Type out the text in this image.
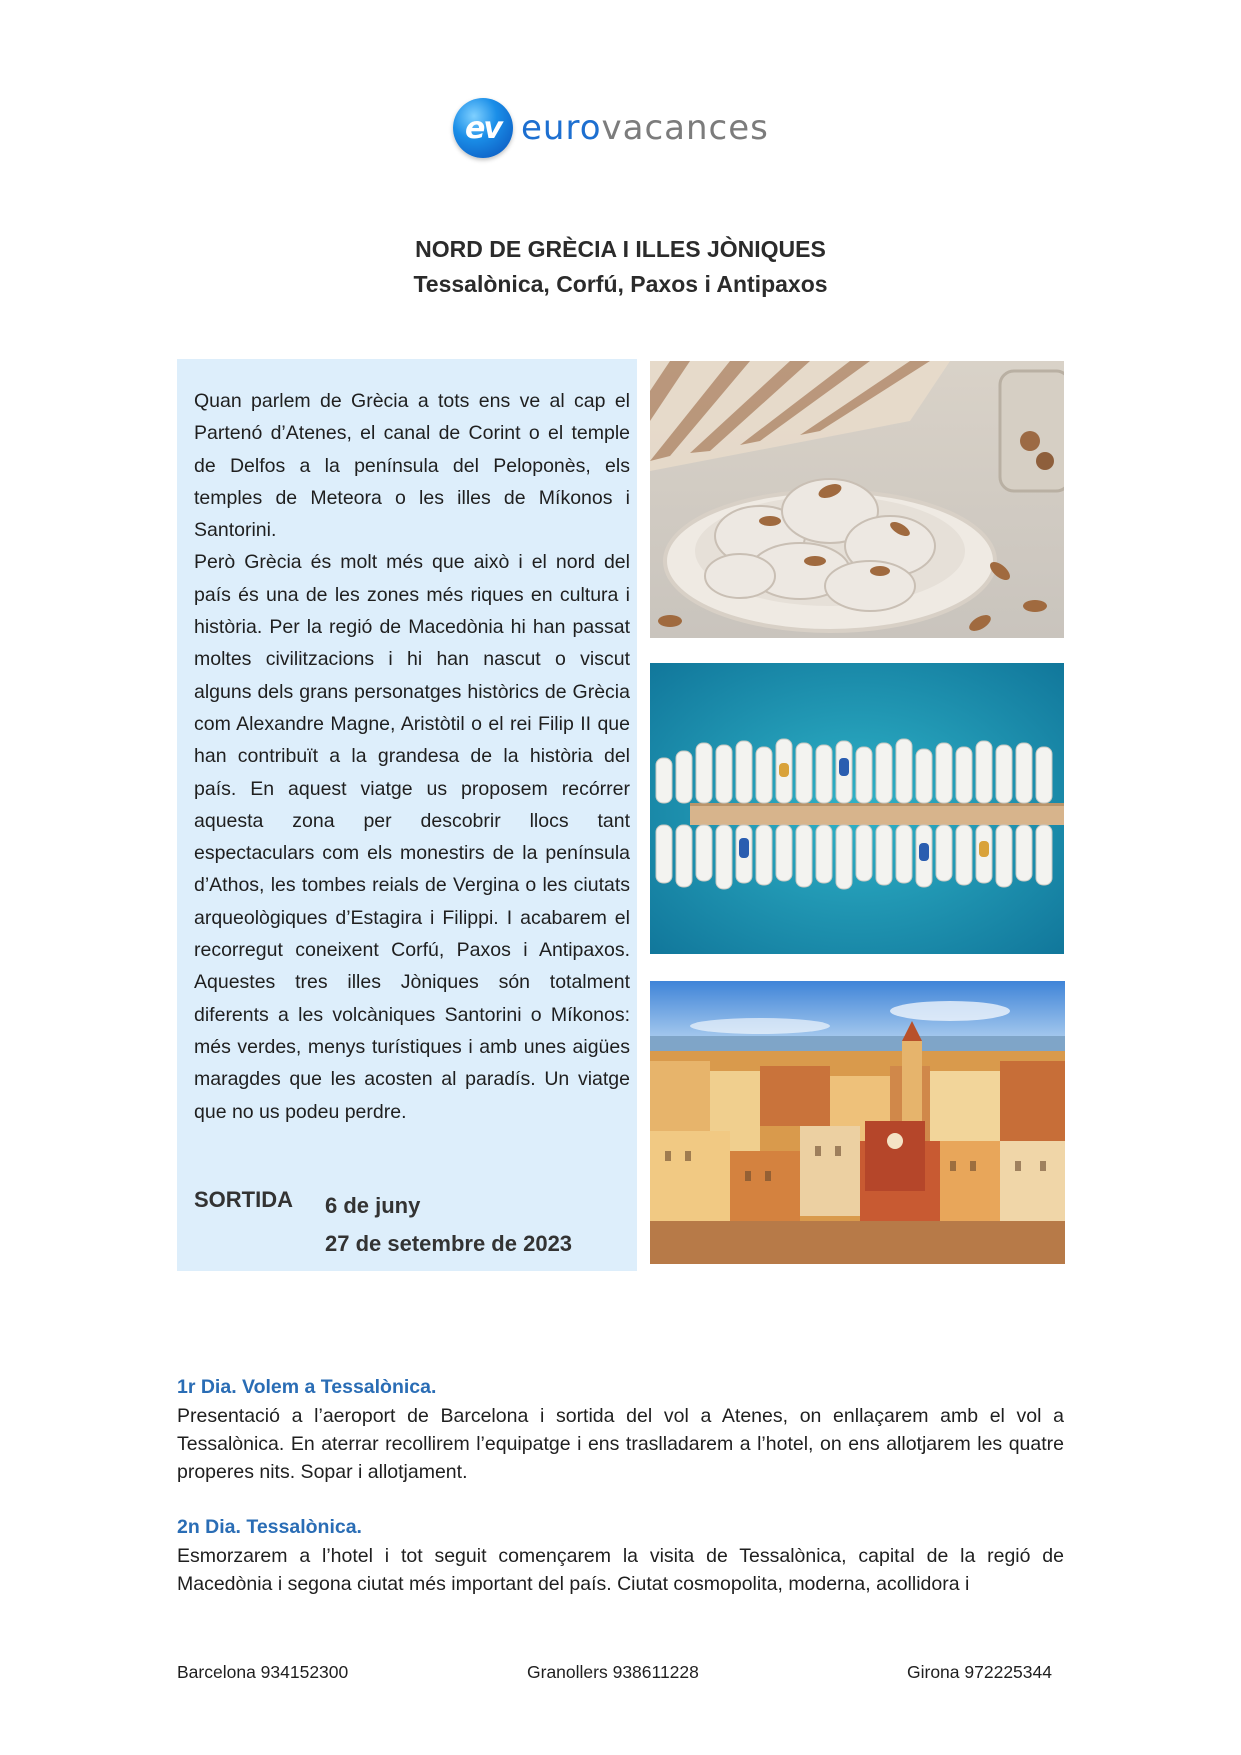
ev eurovacances
NORD DE GRÈCIA I ILLES JÒNIQUES
Tessalònica, Corfú, Paxos i Antipaxos

Quan parlem de Grècia a tots ens ve al cap el Partenó d’Atenes, el canal de Corint o el temple de Delfos a la península del Peloponès, els temples de Meteora o les illes de Míkonos i Santorini.

Però Grècia és molt més que això i el nord del país és una de les zones més riques en cultura i història. Per la regió de Macedònia hi han passat moltes civilitzacions i hi han nascut o viscut alguns dels grans personatges històrics de Grècia com Alexandre Magne, Aristòtil o el rei Filip II que han contribuït a la grandesa de la història del país. En aquest viatge us proposem recórrer aquesta zona per descobrir llocs tant espectaculars com els monestirs de la península d’Athos, les tombes reials de Vergina o les ciutats arqueològiques d’Estagira i Filippi. I acabarem el recorregut coneixent Corfú, Paxos i Antipaxos. Aquestes tres illes Jòniques són totalment diferents a les volcàniques Santorini o Míkonos: més verdes, menys turístiques i amb unes aigües maragdes que les acosten al paradís. Un viatge que no us podeu perdre.

SORTIDA 6 de juny
27 de setembre de 2023
1r Dia. Volem a Tessalònica.
Presentació a l’aeroport de Barcelona i sortida del vol a Atenes, on enllaçarem amb el vol a Tessalònica. En aterrar recollirem l’equipatge i ens traslladarem a l’hotel, on ens allotjarem les quatre properes nits. Sopar i allotjament.
2n Dia. Tessalònica.
Esmorzarem a l’hotel i tot seguit començarem la visita de Tessalònica, capital de la regió de Macedònia i segona ciutat més important del país. Ciutat cosmopolita, moderna, acollidora i
Barcelona 934152300	Granollers 938611228	Girona 972225344
